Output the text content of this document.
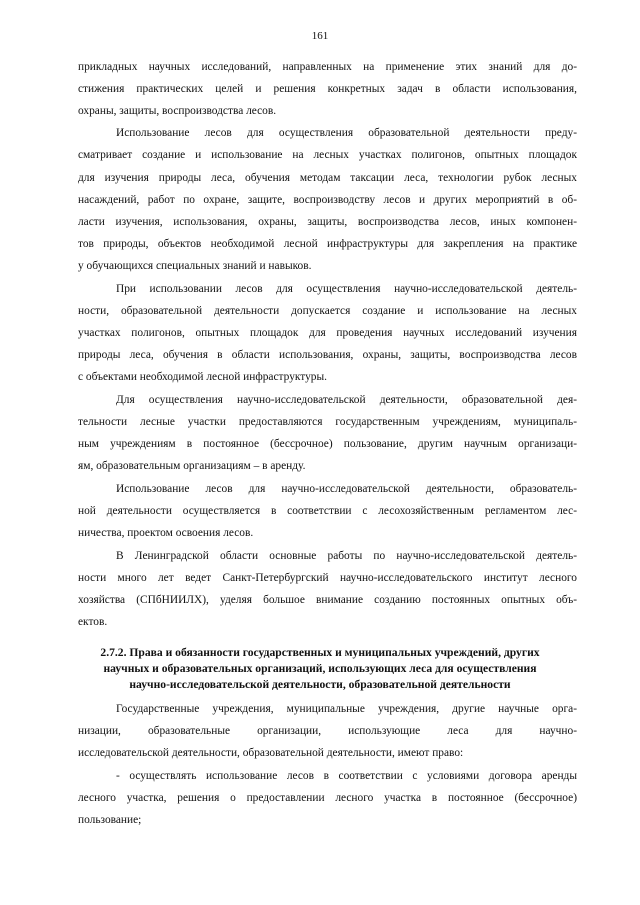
161
прикладных научных исследований, направленных на применение этих знаний для до-
стижения практических целей и решения конкретных задач в области использования,
охраны, защиты, воспроизводства лесов.
Использование лесов для осуществления образовательной деятельности преду-
сматривает создание и использование на лесных участках полигонов, опытных площадок
для изучения природы леса, обучения методам таксации леса, технологии рубок лесных
насаждений, работ по охране, защите, воспроизводству лесов и других мероприятий в об-
ласти изучения, использования, охраны, защиты, воспроизводства лесов, иных компонен-
тов природы, объектов необходимой лесной инфраструктуры для закрепления на практике
у обучающихся специальных знаний и навыков.
При использовании лесов для осуществления научно-исследовательской деятель-
ности, образовательной деятельности допускается создание и использование на лесных
участках полигонов, опытных площадок для проведения научных исследований изучения
природы леса, обучения в области использования, охраны, защиты, воспроизводства лесов
с объектами необходимой лесной инфраструктуры.
Для осуществления научно-исследовательской деятельности, образовательной дея-
тельности лесные участки предоставляются государственным учреждениям, муниципаль-
ным учреждениям в постоянное (бессрочное) пользование, другим научным организаци-
ям, образовательным организациям – в аренду.
Использование лесов для научно-исследовательской деятельности, образователь-
ной деятельности осуществляется в соответствии с лесохозяйственным регламентом лес-
ничества, проектом освоения лесов.
В Ленинградской области основные работы по научно-исследовательской деятель-
ности много лет ведет Санкт-Петербургский научно-исследовательского институт лесного
хозяйства (СПбНИИЛХ), уделяя большое внимание созданию постоянных опытных объ-
ектов.
2.7.2. Права и обязанности государственных и муниципальных учреждений, других
научных и образовательных организаций, использующих леса для осуществления
научно-исследовательской деятельности, образовательной деятельности
Государственные учреждения, муниципальные учреждения, другие научные орга-
низации, образовательные организации, использующие леса для научно-
исследовательской деятельности, образовательной деятельности, имеют право:
- осуществлять использование лесов в соответствии с условиями договора аренды
лесного участка, решения о предоставлении лесного участка в постоянное (бессрочное)
пользование;
